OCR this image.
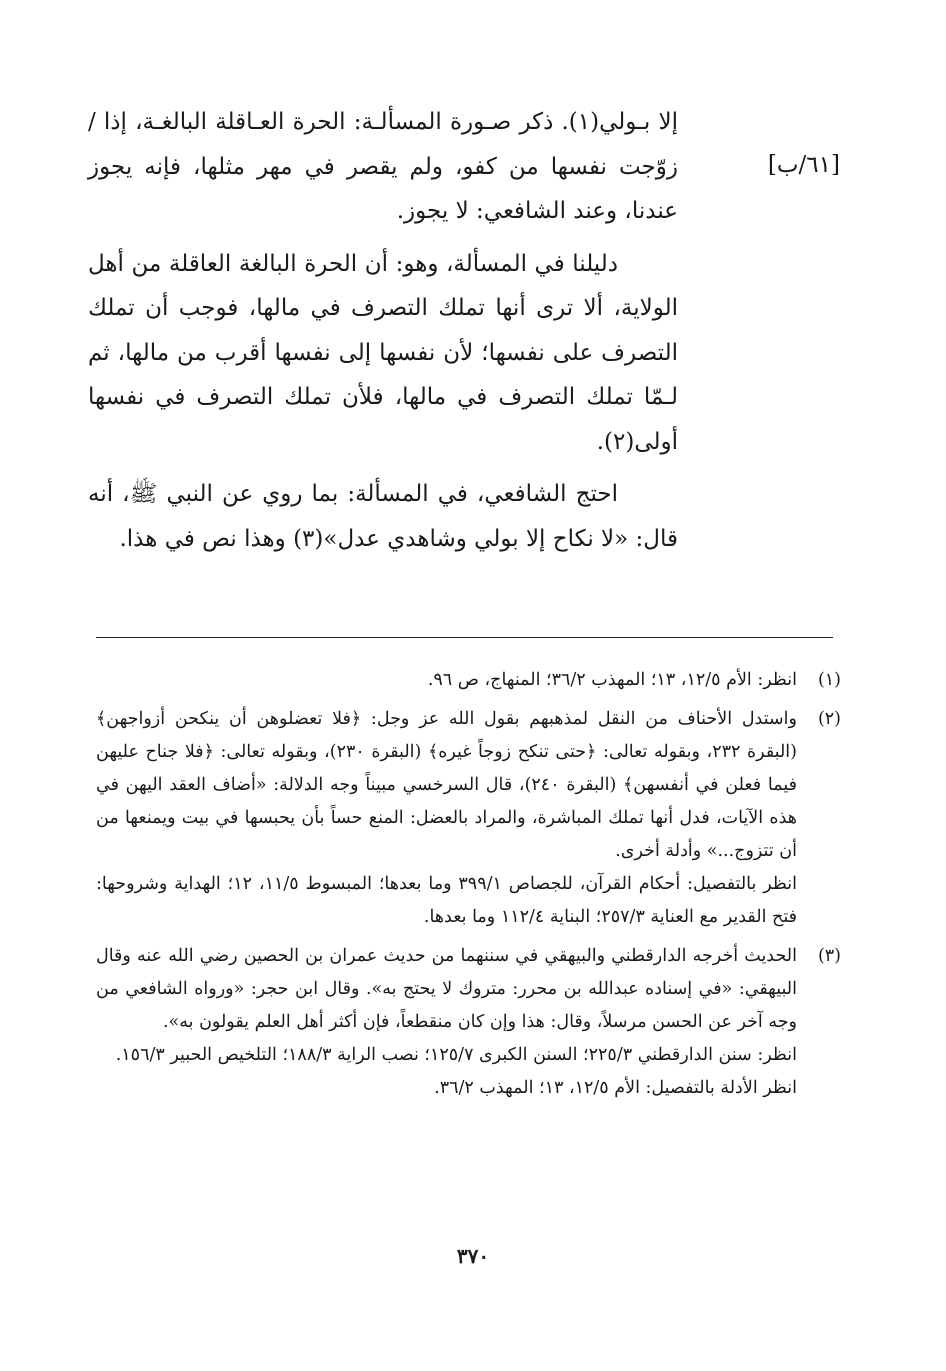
[٦١/ب]

إلا بـولي(١). ذكر صـورة المسألـة: الحرة العـاقلة البالغـة، إذا / زوّجت نفسها من كفو، ولم يقصر في مهر مثلها، فإنه يجوز عندنا، وعند الشافعي: لا يجوز.

دليلنا في المسألة، وهو: أن الحرة البالغة العاقلة من أهل الولاية، ألا ترى أنها تملك التصرف في مالها، فوجب أن تملك التصرف على نفسها؛ لأن نفسها إلى نفسها أقرب من مالها، ثم لـمّا تملك التصرف في مالها، فلأن تملك التصرف في نفسها أولى(٢).

احتج الشافعي، في المسألة: بما روي عن النبي ﷺ، أنه قال: «لا نكاح إلا بولي وشاهدي عدل»(٣) وهذا نص في هذا.

(١)

انظر: الأم ١٢/٥، ١٣؛ المهذب ٣٦/٢؛ المنهاج، ص ٩٦.

(٢)

واستدل الأحناف من النقل لمذهبهم بقول الله عز وجل: ﴿فلا تعضلوهن أن ينكحن أزواجهن﴾ (البقرة ٢٣٢، وبقوله تعالى: ﴿حتى تنكح زوجاً غيره﴾ (البقرة ٢٣٠)، وبقوله تعالى: ﴿فلا جناح عليهن فيما فعلن في أنفسهن﴾ (البقرة ٢٤٠)، قال السرخسي مبيناً وجه الدلالة: «أضاف العقد اليهن في هذه الآيات، فدل أنها تملك المباشرة، والمراد بالعضل: المنع حساً بأن يحبسها في بيت ويمنعها من أن تتزوج...» وأدلة أخرى.

انظر بالتفصيل: أحكام القرآن، للجصاص ٣٩٩/١ وما بعدها؛ المبسوط ١١/٥، ١٢؛ الهداية وشروحها: فتح القدير مع العناية ٢٥٧/٣؛ البناية ١١٢/٤ وما بعدها.

(٣)

الحديث أخرجه الدارقطني والبيهقي في سننهما من حديث عمران بن الحصين رضي الله عنه وقال البيهقي: «في إسناده عبدالله بن محرر: متروك لا يحتج به». وقال ابن حجر: «ورواه الشافعي من وجه آخر عن الحسن مرسلاً، وقال: هذا وإن كان منقطعاً، فإن أكثر أهل العلم يقولون به».

انظر: سنن الدارقطني ٢٢٥/٣؛ السنن الكبرى ١٢٥/٧؛ نصب الراية ١٨٨/٣؛ التلخيص الحبير ١٥٦/٣.

انظر الأدلة بالتفصيل: الأم ١٢/٥، ١٣؛ المهذب ٣٦/٢.

٣٧٠
